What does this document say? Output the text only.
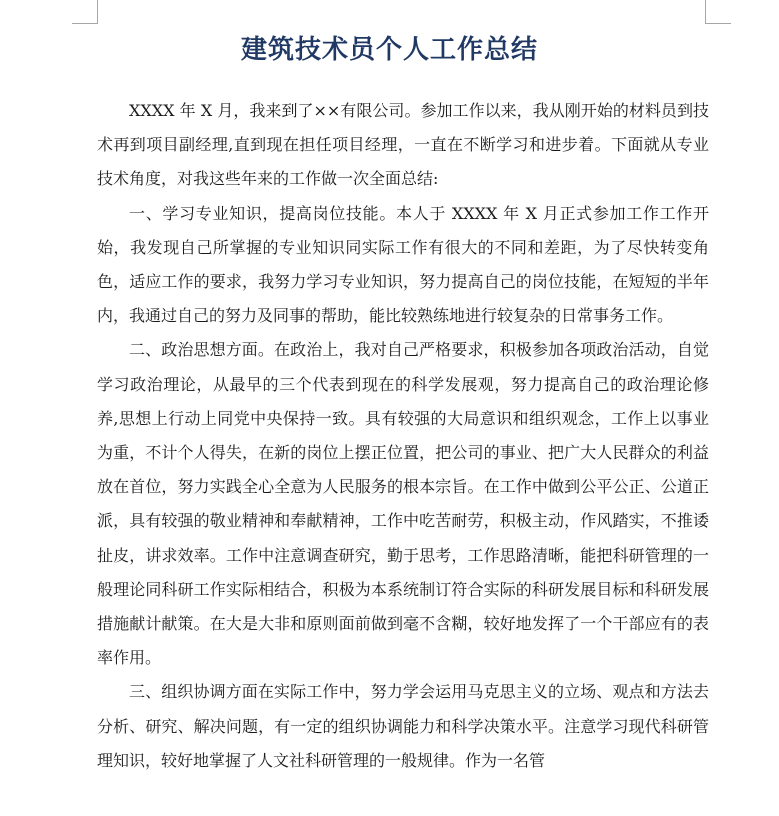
建筑技术员个人工作总结

XXXX 年 X 月，我来到了××有限公司。参加工作以来，我从刚开始的材料员到技术再到项目副经理,直到现在担任项目经理，一直在不断学习和进步着。下面就从专业技术角度，对我这些年来的工作做一次全面总结:

一、学习专业知识，提高岗位技能。本人于 XXXX 年 X 月正式参加工作工作开始，我发现自己所掌握的专业知识同实际工作有很大的不同和差距，为了尽快转变角色，适应工作的要求，我努力学习专业知识，努力提高自己的岗位技能，在短短的半年内，我通过自己的努力及同事的帮助，能比较熟练地进行较复杂的日常事务工作。

二、政治思想方面。在政治上，我对自己严格要求，积极参加各项政治活动，自觉学习政治理论，从最早的三个代表到现在的科学发展观，努力提高自己的政治理论修养,思想上行动上同党中央保持一致。具有较强的大局意识和组织观念，工作上以事业为重，不计个人得失，在新的岗位上摆正位置，把公司的事业、把广大人民群众的利益放在首位，努力实践全心全意为人民服务的根本宗旨。在工作中做到公平公正、公道正派，具有较强的敬业精神和奉献精神，工作中吃苦耐劳，积极主动，作风踏实，不推诿扯皮，讲求效率。工作中注意调查研究，勤于思考，工作思路清晰，能把科研管理的一般理论同科研工作实际相结合，积极为本系统制订符合实际的科研发展目标和科研发展措施献计献策。在大是大非和原则面前做到毫不含糊，较好地发挥了一个干部应有的表率作用。

三、组织协调方面在实际工作中，努力学会运用马克思主义的立场、观点和方法去分析、研究、解决问题，有一定的组织协调能力和科学决策水平。注意学习现代科研管理知识，较好地掌握了人文社科研管理的一般规律。作为一名管
